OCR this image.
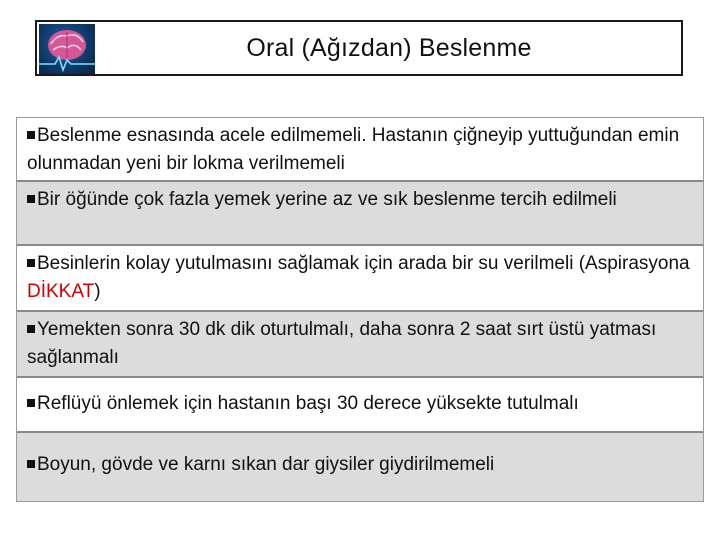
Oral (Ağızdan) Beslenme
Beslenme esnasında acele edilmemeli. Hastanın çiğneyip yuttuğundan emin olunmadan yeni bir lokma verilmemeli
Bir öğünde çok fazla yemek yerine az ve sık beslenme tercih edilmeli
Besinlerin kolay yutulmasını sağlamak için arada bir su verilmeli (Aspirasyona DİKKAT)
Yemekten sonra 30 dk dik oturtulmalı, daha sonra 2 saat sırt üstü yatması sağlanmalı
Reflüyü önlemek için hastanın başı 30 derece yüksekte tutulmalı
Boyun, gövde ve karnı sıkan dar giysiler giydirilmemeli
